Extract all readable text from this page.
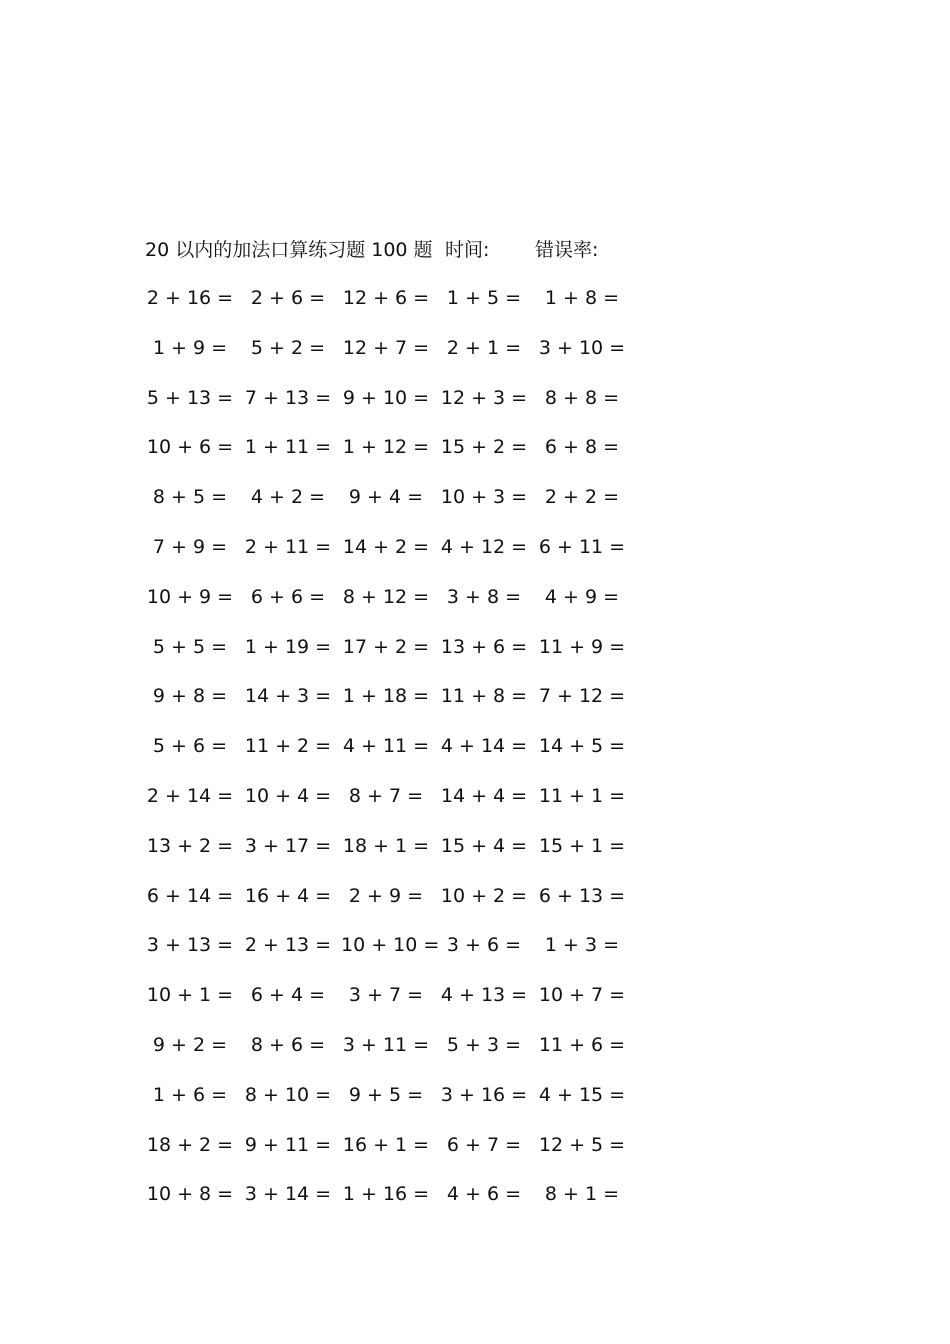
20 以内的加法口算练习题 100 题 时间: 错误率:
2 + 16 = 2 + 6 = 12 + 6 = 1 + 5 =	1 + 8 =
1 + 9 =	5 + 2 = 12 + 7 = 2 + 1 = 3 + 10 =
5 + 13 = 7 + 13 = 9 + 10 = 12 + 3 = 8 + 8 =
10 + 6 = 1 + 11 = 1 + 12 = 15 + 2 = 6 + 8 =
8 + 5 =	4 + 2 =	9 + 4 = 10 + 3 = 2 + 2 =
7 + 9 = 2 + 11 = 14 + 2 = 4 + 12 = 6 + 11 =
10 + 9 = 6 + 6 = 8 + 12 = 3 + 8 =	4 + 9 =
5 + 5 = 1 + 19 = 17 + 2 = 13 + 6 = 11 + 9 =
9 + 8 = 14 + 3 = 1 + 18 = 11 + 8 = 7 + 12 =
5 + 6 = 11 + 2 = 4 + 11 = 4 + 14 = 14 + 5 =
2 + 14 = 10 + 4 = 8 + 7 = 14 + 4 = 11 + 1 =
13 + 2 = 3 + 17 = 18 + 1 = 15 + 4 = 15 + 1 =
6 + 14 = 16 + 4 = 2 + 9 = 10 + 2 = 6 + 13 =
3 + 13 = 2 + 13 = 10 + 10 = 3 + 6 =	1 + 3 =
10 + 1 = 6 + 4 =	3 + 7 = 4 + 13 = 10 + 7 =
9 + 2 =	8 + 6 = 3 + 11 = 5 + 3 = 11 + 6 =
1 + 6 = 8 + 10 = 9 + 5 = 3 + 16 = 4 + 15 =
18 + 2 = 9 + 11 = 16 + 1 = 6 + 7 = 12 + 5 =
10 + 8 = 3 + 14 = 1 + 16 = 4 + 6 =	8 + 1 =
